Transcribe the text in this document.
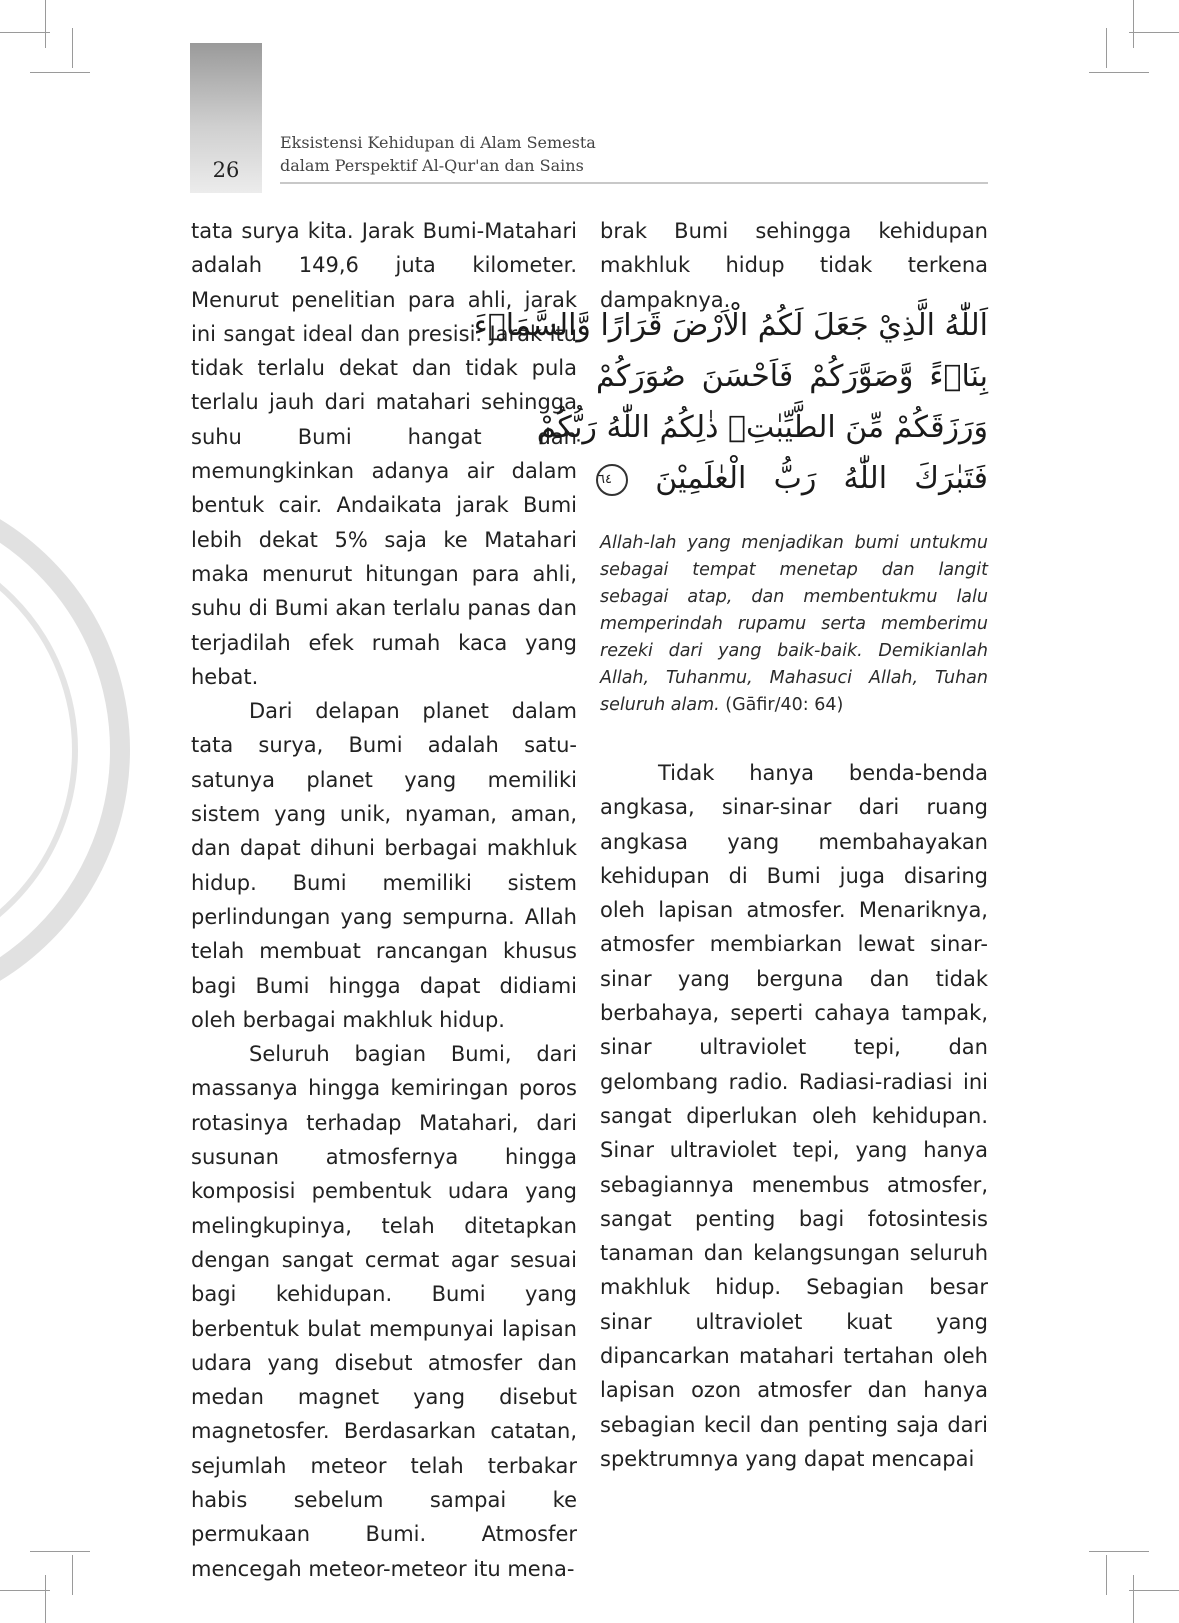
26
Eksistensi Kehidupan di Alam Semesta
dalam Perspektif Al-Qur'an dan Sains

tata surya kita. Jarak Bumi-Matahari adalah 149,6 juta kilometer. Menurut penelitian para ahli, jarak ini sangat ideal dan presisi. Jarak itu tidak terlalu dekat dan tidak pula terlalu jauh dari matahari sehingga suhu Bumi hangat dan memungkinkan adanya air dalam bentuk cair. Andaikata jarak Bumi lebih dekat 5% saja ke Matahari maka menurut hitungan para ahli, suhu di Bumi akan terlalu panas dan terjadilah efek rumah kaca yang hebat.

Dari delapan planet dalam tata surya, Bumi adalah satu-satunya planet yang memiliki sistem yang unik, nyaman, aman, dan dapat dihuni berbagai makhluk hidup. Bumi memiliki sistem perlindungan yang sempurna. Allah telah membuat rancangan khusus bagi Bumi hingga dapat didiami oleh berbagai makhluk hidup.

Seluruh bagian Bumi, dari massanya hingga kemiringan poros rotasinya terhadap Matahari, dari susunan atmosfernya hingga komposisi pembentuk udara yang melingkupinya, telah ditetapkan dengan sangat cermat agar sesuai bagi kehidupan. Bumi yang berbentuk bulat mempunyai lapisan udara yang disebut atmosfer dan medan magnet yang disebut magnetosfer. Berdasarkan catatan, sejumlah meteor telah terbakar habis sebelum sampai ke permukaan Bumi. Atmosfer mencegah meteor-meteor itu mena-

brak Bumi sehingga kehidupan makhluk hidup tidak terkena dampaknya.

اَللّٰهُ الَّذِيْ جَعَلَ لَكُمُ الْاَرْضَ قَرَارًا وَّالسَّمَاۤءَ
بِنَاۤءً وَّصَوَّرَكُمْ فَاَحْسَنَ صُوَرَكُمْ
وَرَزَقَكُمْ مِّنَ الطَّيِّبٰتِۗ ذٰلِكُمُ اللّٰهُ رَبُّكُمْ
فَتَبٰرَكَ اللّٰهُ رَبُّ الْعٰلَمِيْنَ ٦٤
Allah-lah yang menjadikan bumi untukmu sebagai tempat menetap dan langit sebagai atap, dan membentukmu lalu memperindah rupamu serta memberimu rezeki dari yang baik-baik. Demikianlah Allah, Tuhanmu, Mahasuci Allah, Tuhan seluruh alam. (Gāfir/40: 64)

Tidak hanya benda-benda angkasa, sinar-sinar dari ruang angkasa yang membahayakan kehidupan di Bumi juga disaring oleh lapisan atmosfer. Menariknya, atmosfer membiarkan lewat sinar-sinar yang berguna dan tidak berbahaya, seperti cahaya tampak, sinar ultraviolet tepi, dan gelombang radio. Radiasi-radiasi ini sangat diperlukan oleh kehidupan. Sinar ultraviolet tepi, yang hanya sebagiannya menembus atmosfer, sangat penting bagi fotosintesis tanaman dan kelangsungan seluruh makhluk hidup. Sebagian besar sinar ultraviolet kuat yang dipancarkan matahari tertahan oleh lapisan ozon atmosfer dan hanya sebagian kecil dan penting saja dari spektrumnya yang dapat mencapai
